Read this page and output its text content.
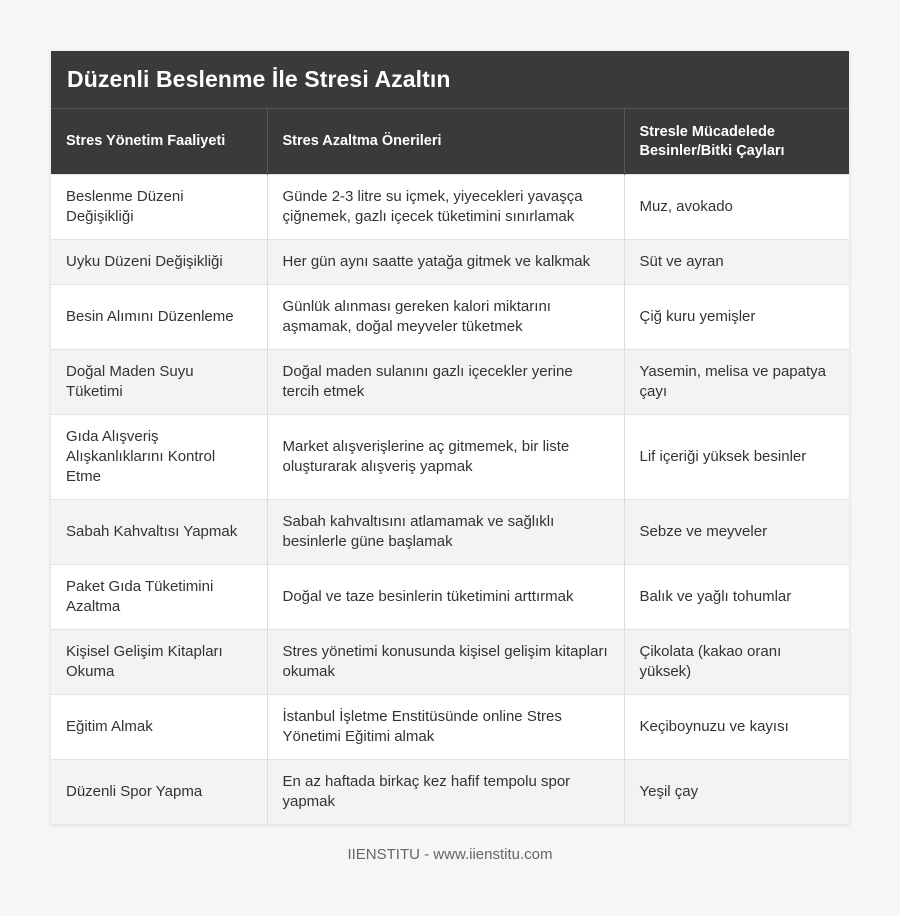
Düzenli Beslenme İle Stresi Azaltın
Stres Yönetim Faaliyeti	Stres Azaltma Önerileri	Stresle Mücadelede Besinler/Bitki Çayları
Beslenme Düzeni Değişikliği	Günde 2-3 litre su içmek, yiyecekleri yavaşça çiğnemek, gazlı içecek tüketimini sınırlamak	Muz, avokado
Uyku Düzeni Değişikliği	Her gün aynı saatte yatağa gitmek ve kalkmak	Süt ve ayran
Besin Alımını Düzenleme	Günlük alınması gereken kalori miktarını aşmamak, doğal meyveler tüketmek	Çiğ kuru yemişler
Doğal Maden Suyu Tüketimi	Doğal maden sulanını gazlı içecekler yerine tercih etmek	Yasemin, melisa ve papatya çayı
Gıda Alışveriş Alışkanlıklarını Kontrol Etme	Market alışverişlerine aç gitmemek, bir liste oluşturarak alışveriş yapmak	Lif içeriği yüksek besinler
Sabah Kahvaltısı Yapmak	Sabah kahvaltısını atlamamak ve sağlıklı besinlerle güne başlamak	Sebze ve meyveler
Paket Gıda Tüketimini Azaltma	Doğal ve taze besinlerin tüketimini arttırmak	Balık ve yağlı tohumlar
Kişisel Gelişim Kitapları Okuma	Stres yönetimi konusunda kişisel gelişim kitapları okumak	Çikolata (kakao oranı yüksek)
Eğitim Almak	İstanbul İşletme Enstitüsünde online Stres Yönetimi Eğitimi almak	Keçiboynuzu ve kayısı
Düzenli Spor Yapma	En az haftada birkaç kez hafif tempolu spor yapmak	Yeşil çay
IIENSTITU - www.iienstitu.com
